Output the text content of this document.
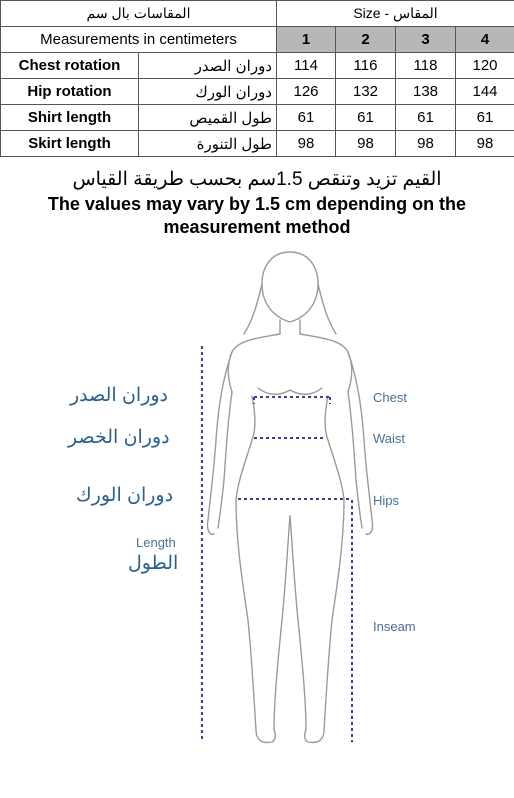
المقاسات بال سم		Size - المقاس			
Measurements in centimeters		1	2	3	4
Chest rotation	دوران الصدر	114	116	118	120
Hip rotation	دوران الورك	126	132	138	144
Shirt length	طول القميص	61	61	61	61
Skirt length	طول التنورة	98	98	98	98
القيم تزيد وتنقص 1.5سم بحسب طريقة القياس
The values may vary by 1.5 cm depending on the measurement method
دوران الصدر
دوران الخصر
دوران الورك
Length
الطول
Chest
Waist
Hips
Inseam
